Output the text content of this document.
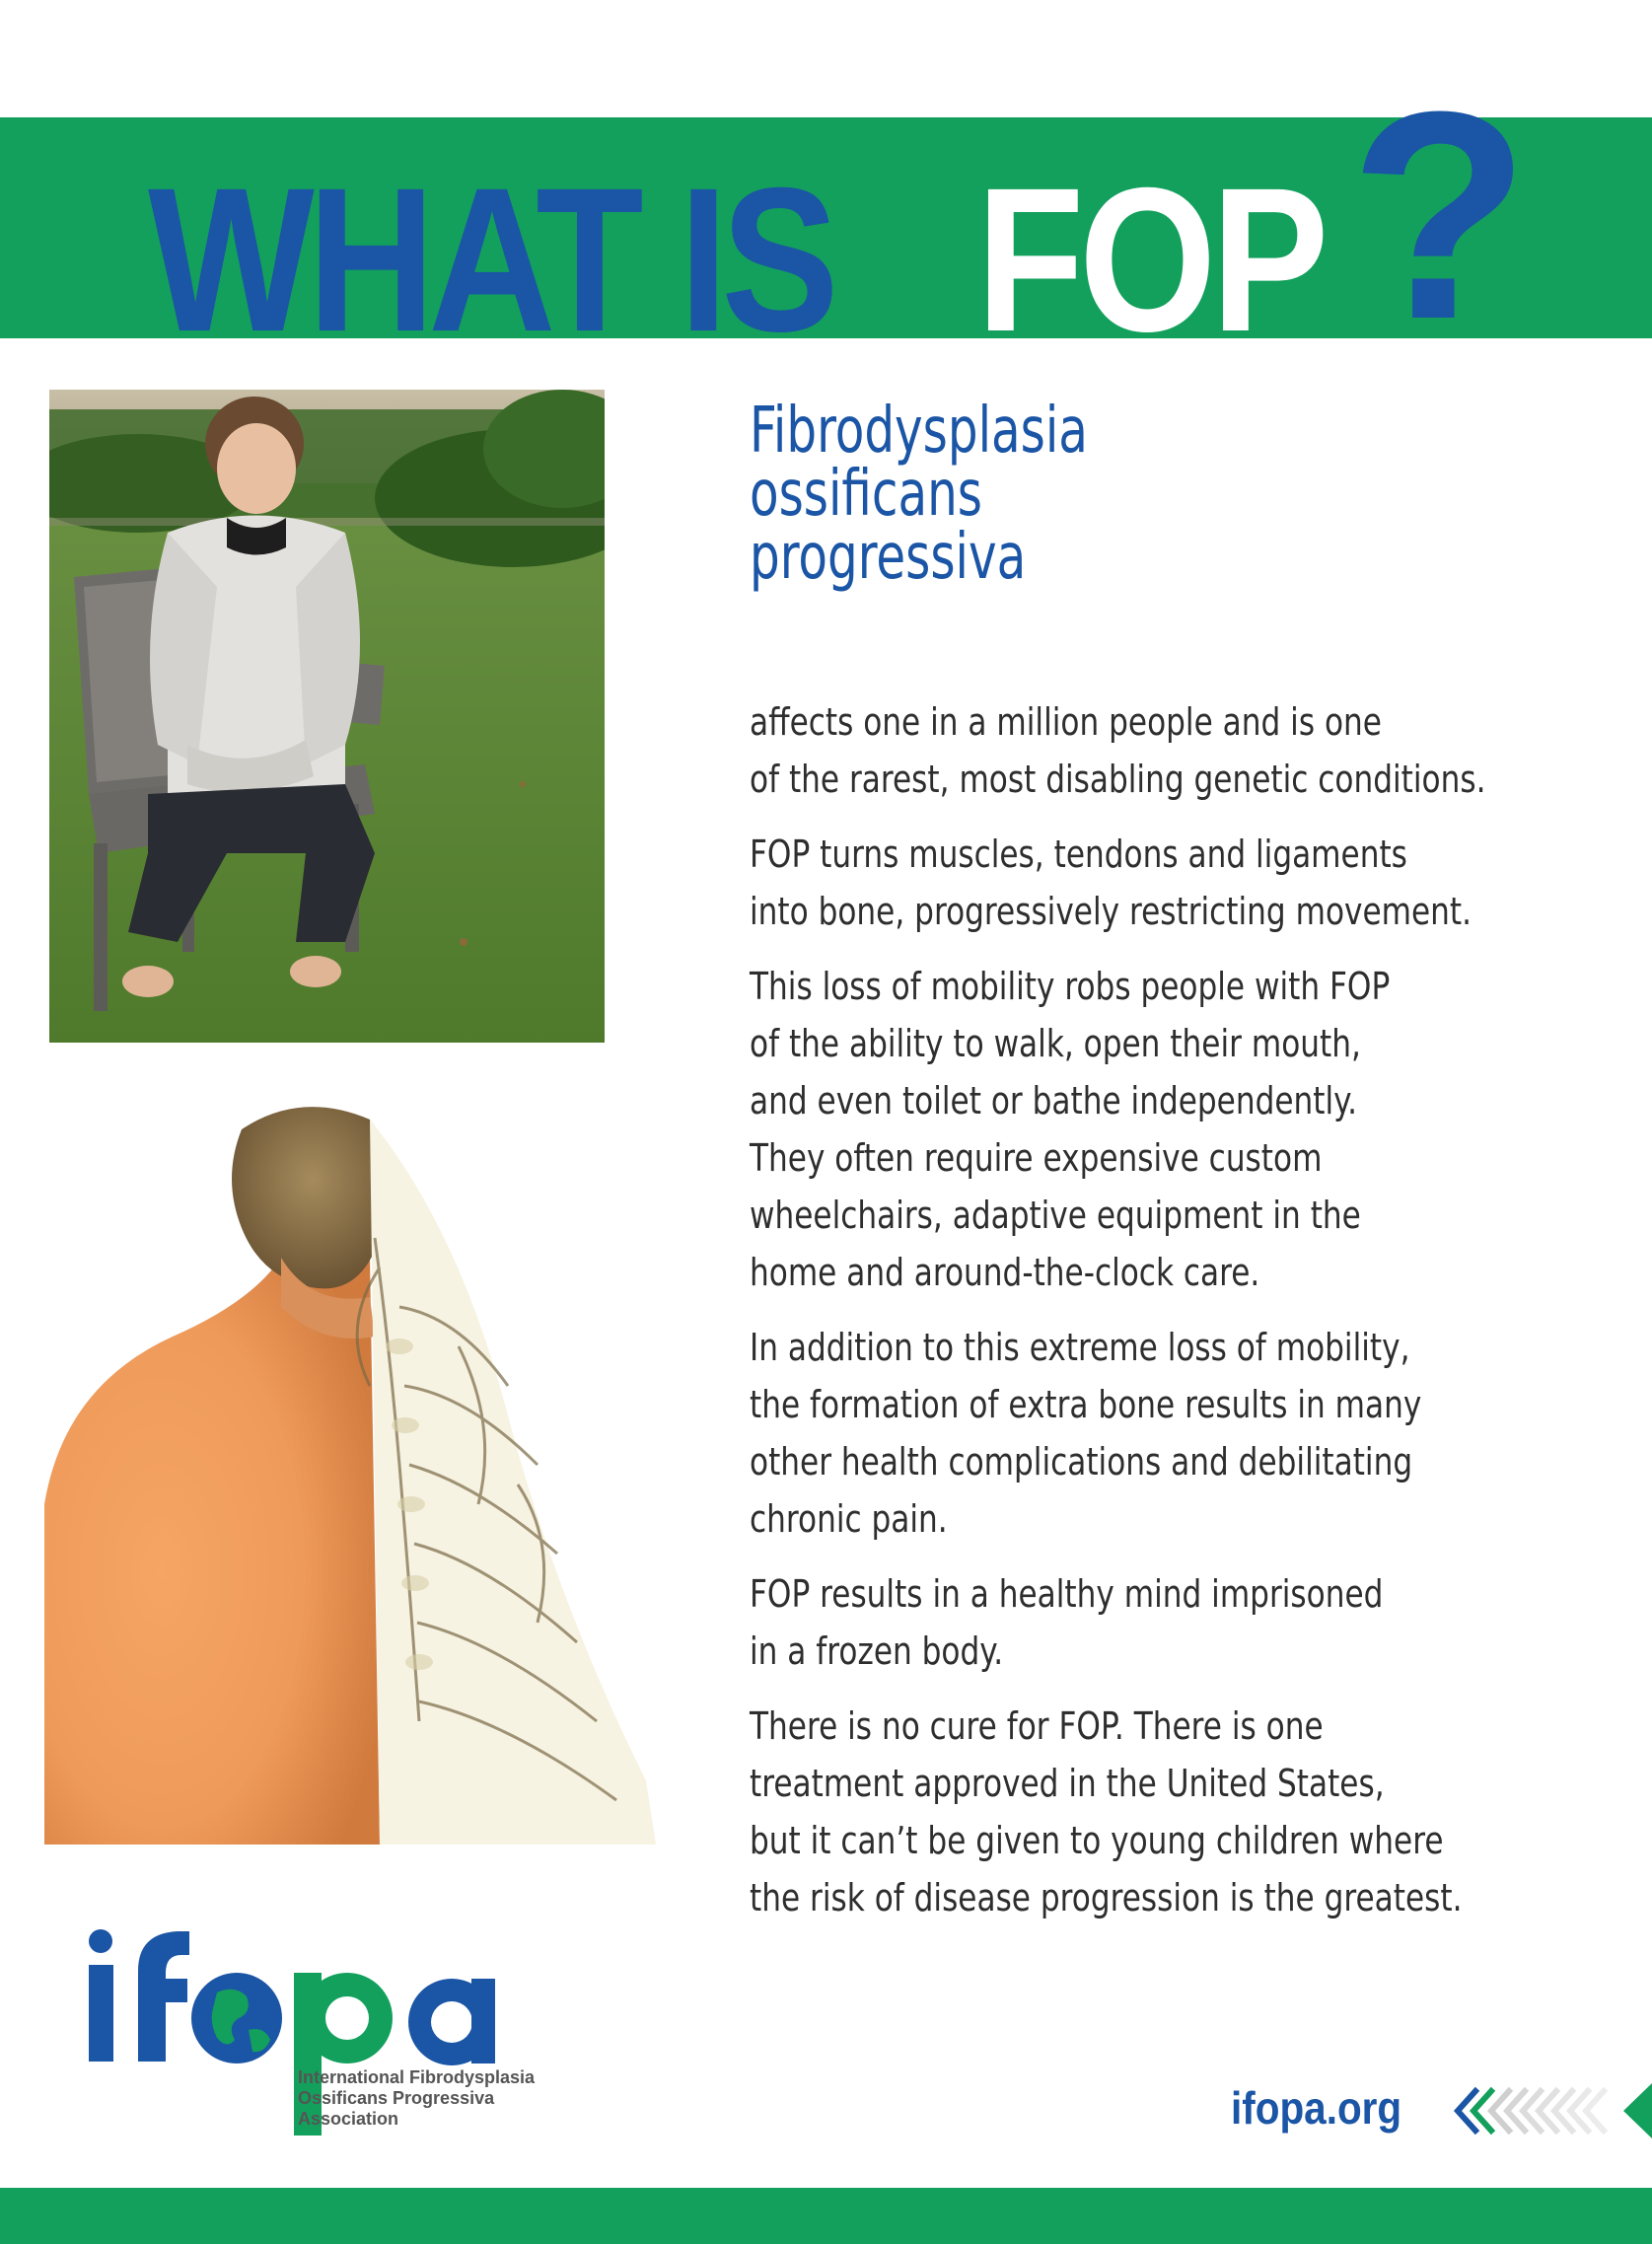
WHAT IS FOP ?
Fibrodysplasia
ossificans
progressiva
affects one in a million people and is one
of the rarest, most disabling genetic conditions.
FOP turns muscles, tendons and ligaments
into bone, progressively restricting movement.
This loss of mobility robs people with FOP
of the ability to walk, open their mouth,
and even toilet or bathe independently.
They often require expensive custom
wheelchairs, adaptive equipment in the
home and around-the-clock care.
In addition to this extreme loss of mobility,
the formation of extra bone results in many
other health complications and debilitating
chronic pain.
FOP results in a healthy mind imprisoned
in a frozen body.
There is no cure for FOP. There is one
treatment approved in the United States,
but it can’t be given to young children where
the risk of disease progression is the greatest.
International Fibrodysplasia
Ossificans Progressiva
Association	ifopa.org
